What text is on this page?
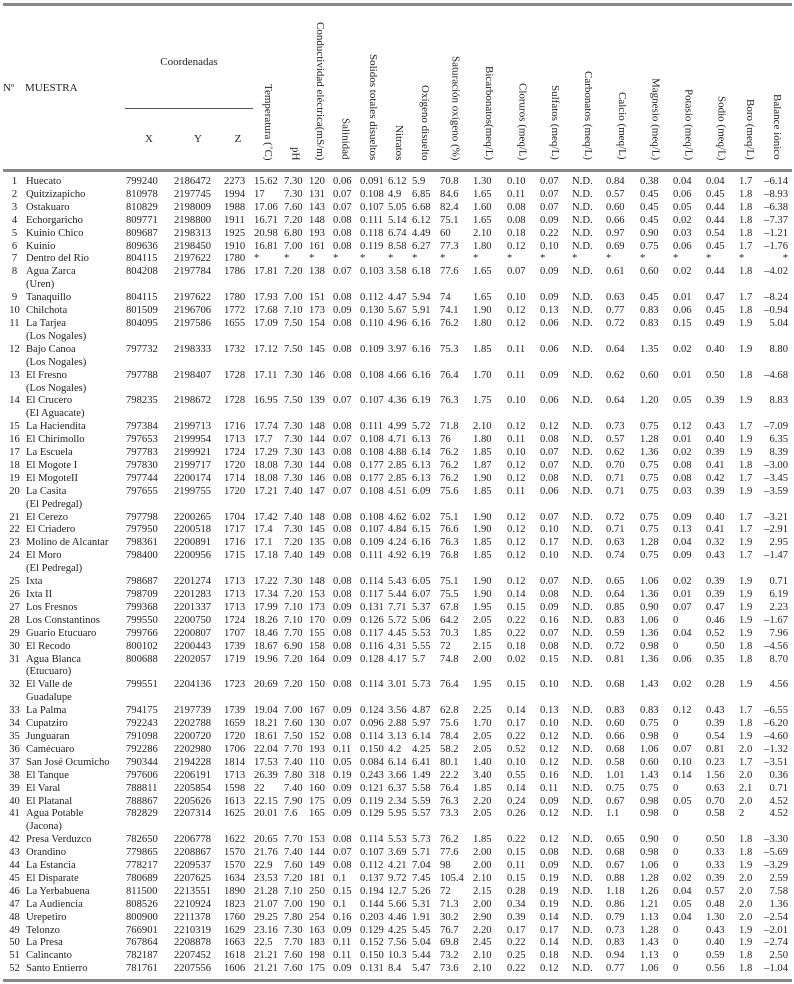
Nº	MUESTRA	Coordenadas			Temperatura (˚C)	pH	Conductividad eléctrica(mS/m)	Salinidad	Solidos totales disueltos	Nitratos	Oxígeno disuelto	Saturación oxígeno (%)	Bicarbonatos(meq/L)	Cloruros (meq/L)	Sulfatos (meq/L)	Carbonatos (meq/L)	Calcio (meq/L)	Magnesio (meq/L)	Potasio (meq/L)	Sodio (meq/L)	Boro (meq/L)	Balance iónico
		X	Y	Z																		
1	Huecato	799240	2186472	2273	15.62	7.30	120	0.06	0.091	6.12	5.9	70.8	1.30	0.10	0.07	N.D.	0.84	0.38	0.04	0.04	1.7	–6.14
2	Quitzizapicho	810978	2197745	1994	17	7.30	131	0.07	0.108	4.9	6.85	84.6	1.65	0.11	0.07	N.D.	0.57	0.45	0.06	0.45	1.8	–8.93
3	Ostakuaro	810829	2198009	1988	17.06	7.60	143	0.07	0.107	5.05	6.68	82.4	1.60	0.08	0.07	N.D.	0.60	0.45	0.05	0.44	1.8	–6.38
4	Echorgaricho	809771	2198800	1911	16.71	7.20	148	0.08	0.111	5.14	6.12	75.1	1.65	0.08	0.09	N.D.	0.66	0.45	0.02	0.44	1.8	–7.37
5	Kuinio Chico	809687	2198313	1925	20.98	6.80	193	0.08	0.118	6.74	4.49	60	2.10	0.18	0.22	N.D.	0.97	0.90	0.03	0.54	1.8	–1.21
6	Kuinio	809636	2198450	1910	16.81	7.00	161	0.08	0.119	8.58	6.27	77.3	1.80	0.12	0.10	N.D.	0.69	0.75	0.06	0.45	1.7	–1.76
7	Dentro del Río	804115	2197622	1780	*	*	*	*	*	*	*	*	*	*	*	*	*	*	*	*	*	*
8	Agua Zarca
(Uren)	804208	2197784	1786	17.81	7.20	138	0.07	0.103	3.58	6.18	77.6	1.65	0.07	0.09	N.D.	0.61	0.60	0.02	0.44	1.8	–4.02
9	Tanaquillo	804115	2197622	1780	17.93	7.00	151	0.08	0.112	4.47	5.94	74	1.65	0.10	0.09	N.D.	0.63	0.45	0.01	0.47	1.7	–8.24
10	Chilchota	801509	2196706	1772	17.68	7.10	173	0.09	0.130	5.67	5.91	74.1	1.90	0.12	0.13	N.D.	0.77	0.83	0.06	0.45	1.8	–0.94
11	La Tarjea
(Los Nogales)	804095	2197586	1655	17.09	7.50	154	0.08	0.110	4.96	6.16	76.2	1.80	0.12	0.06	N.D.	0.72	0.83	0.15	0.49	1.9	5.04
12	Bajo Canoa
(Los Nogales)	797732	2198333	1732	17.12	7.50	145	0.08	0.109	3.97	6.16	75.3	1.85	0.11	0.06	N.D.	0.64	1.35	0.02	0.40	1.9	8.80
13	El Fresno
(Los Nogales)	797788	2198407	1728	17.11	7.30	146	0.08	0.108	4.66	6.16	76.4	1.70	0.11	0.09	N.D.	0.62	0.60	0.01	0.50	1.8	–4.68
14	El Crucero
(El Aguacate)	798235	2198672	1728	16.95	7.50	139	0.07	0.107	4.36	6.19	76.3	1.75	0.10	0.06	N.D.	0.64	1.20	0.05	0.39	1.9	8.83
15	La Haciendita	797384	2199713	1716	17.74	7.30	148	0.08	0.111	4.99	5.72	71.8	2.10	0.12	0.12	N.D.	0.73	0.75	0.12	0.43	1.7	–7.09
16	El Chirimollo	797653	2199954	1713	17.7	7.30	144	0.07	0.108	4.71	6.13	76	1.80	0.11	0.08	N.D.	0.57	1.28	0.01	0.40	1.9	6.35
17	La Escuela	797783	2199921	1724	17.29	7.30	143	0.08	0.108	4.88	6.14	76.2	1.85	0.10	0.07	N.D.	0.62	1.36	0.02	0.39	1.9	8.39
18	El Mogote I	797830	2199717	1720	18.08	7.30	144	0.08	0.177	2.85	6.13	76.2	1.87	0.12	0.07	N.D.	0.70	0.75	0.08	0.41	1.8	–3.00
19	El MogoteII	797744	2200174	1714	18.08	7.30	146	0.08	0.177	2.85	6.13	76.2	1.90	0.12	0.08	N.D.	0.71	0.75	0.08	0.42	1.7	–3.45
20	La Casita
(El Pedregal)	797655	2199755	1720	17.21	7.40	147	0.07	0.108	4.51	6.09	75.6	1.85	0.11	0.06	N.D.	0.71	0.75	0.03	0.39	1.9	–3.59
21	El Cerezo	797798	2200265	1704	17.42	7.40	148	0.08	0.108	4.62	6.02	75.1	1.90	0.12	0.07	N.D.	0.72	0.75	0.09	0.40	1.7	–3.21
22	El Criadero	797950	2200518	1717	17.4	7.30	145	0.08	0.107	4.84	6.15	76.6	1.90	0.12	0.10	N.D.	0.71	0.75	0.13	0.41	1.7	–2.91
23	Molino de Alcantar	798361	2200891	1716	17.1	7.20	135	0.08	0.109	4.24	6.16	76.3	1.85	0.12	0.17	N.D.	0.63	1.28	0.04	0.32	1.9	2.95
24	El Moro
(El Pedregal)	798400	2200956	1715	17.18	7.40	149	0.08	0.111	4.92	6.19	76.8	1.85	0.12	0.10	N.D.	0.74	0.75	0.09	0.43	1.7	–1.47
25	Ixta	798687	2201274	1713	17.22	7.30	148	0.08	0.114	5.43	6.05	75.1	1.90	0.12	0.07	N.D.	0.65	1.06	0.02	0.39	1.9	0.71
26	Ixta II	798709	2201283	1713	17.34	7.20	153	0.08	0.117	5.44	6.07	75.5	1.90	0.14	0.08	N.D.	0.64	1.36	0.01	0.39	1.9	6.19
27	Los Fresnos	799368	2201337	1713	17.99	7.10	173	0.09	0.131	7.71	5.37	67.8	1.95	0.15	0.09	N.D.	0.85	0.90	0.07	0.47	1.9	2.23
28	Los Constantinos	799550	2200750	1724	18.26	7.10	170	0.09	0.126	5.72	5.06	64.2	2.05	0.22	0.16	N.D.	0.83	1.06	0	0.46	1.9	–1.67
29	Guario Etucuaro	799766	2200807	1707	18.46	7.70	155	0.08	0.117	4.45	5.53	70.3	1.85	0.22	0.07	N.D.	0.59	1.36	0.04	0.52	1.9	7.96
30	El Recodo	800102	2200443	1739	18.67	6.90	158	0.08	0.116	4.31	5.55	72	2.15	0.18	0.08	N.D.	0.72	0.98	0	0.50	1.8	–4.56
31	Agua Blanca
(Etucuaro)	800688	2202057	1719	19.96	7.20	164	0.09	0.128	4.17	5.7	74.8	2.00	0.02	0.15	N.D.	0.81	1.36	0.06	0.35	1.8	8.70
32	El Valle de
Guadalupe	799551	2204136	1723	20.69	7.20	150	0.08	0.114	3.01	5.73	76.4	1.95	0.15	0.10	N.D.	0.68	1.43	0.02	0.28	1.9	4.56
33	La Palma	794175	2197739	1739	19.04	7.00	167	0.09	0.124	3.56	4.87	62.8	2.25	0.14	0.13	N.D.	0.83	0.83	0.12	0.43	1.7	–6.55
34	Cupatziro	792243	2202788	1659	18.21	7.60	130	0.07	0.096	2.88	5.97	75.6	1.70	0.17	0.10	N.D.	0.60	0.75	0	0.39	1.8	–6.20
35	Junguaran	791098	2200720	1720	18.61	7.50	152	0.08	0.114	3.13	6.14	78.4	2.05	0.22	0.12	N.D.	0.66	0.98	0	0.54	1.9	–4.60
36	Camécuaro	792286	2202980	1706	22.04	7.70	193	0.11	0.150	4.2	4.25	58.2	2.05	0.52	0.12	N.D.	0.68	1.06	0.07	0.81	2.0	–1.32
37	San José Ocumicho	790344	2194228	1814	17.53	7.40	110	0.05	0.084	6.14	6.41	80.1	1.40	0.10	0.12	N.D.	0.58	0.60	0.10	0.23	1.7	–3.51
38	El Tanque	797606	2206191	1713	26.39	7.80	318	0.19	0.243	3.66	1.49	22.2	3.40	0.55	0.16	N.D.	1.01	1.43	0.14	1.56	2.0	0.36
39	El Varal	788811	2205854	1598	22	7.40	160	0.09	0.121	6.37	5.58	76.4	1.85	0.14	0.11	N.D.	0.75	0.75	0	0.63	2.1	0.71
40	El Platanal	788867	2205626	1613	22.15	7.90	175	0.09	0.119	2.34	5.59	76.3	2.20	0.24	0.09	N.D.	0.67	0.98	0.05	0.70	2.0	4.52
41	Agua Potable
(Jacona)	782829	2207314	1625	20.01	7.6	165	0.09	0.129	5.95	5.57	73.3	2.05	0.26	0.12	N.D.	1.1	0.98	0	0.58	2	4.52
42	Presa Verduzco	782650	2206778	1622	20.65	7.70	153	0.08	0.114	5.53	5.73	76.2	1.85	0.22	0.12	N.D.	0.65	0.90	0	0.50	1.8	–3.30
43	Orandino	779865	2208867	1570	21.76	7.40	144	0.07	0.107	3.69	5.71	77.6	2.00	0.15	0.08	N.D.	0.68	0.98	0	0.33	1.8	–5.69
44	La Estancia	778217	2209537	1570	22.9	7.60	149	0.08	0.112	4.21	7.04	98	2.00	0.11	0.09	N.D.	0.67	1.06	0	0.33	1.9	–3.29
45	El Disparate	780689	2207625	1634	23.53	7.20	181	0.1	0.137	9.72	7.45	105.4	2.10	0.15	0.19	N.D.	0.88	1.28	0.02	0.39	2.0	2.59
46	La Yerbabuena	811500	2213551	1890	21.28	7.10	250	0.15	0.194	12.7	5.26	72	2.15	0.28	0.19	N.D.	1.18	1.26	0.04	0.57	2.0	7.58
47	La Audiencia	808526	2210924	1823	21.07	7.00	190	0.1	0.144	5.66	5.31	71.3	2.00	0.34	0.19	N.D.	0.86	1.21	0.05	0.48	2.0	1.36
48	Urepetiro	800900	2211378	1760	29.25	7.80	254	0.16	0.203	4.46	1.91	30.2	2.90	0.39	0.14	N.D.	0.79	1.13	0.04	1.30	2.0	–2.54
49	Telonzo	766901	2210319	1629	23.16	7.30	163	0.09	0.129	4.25	5.45	76.7	2.20	0.17	0.17	N.D.	0.73	1.28	0	0.43	1.9	–2.01
50	La Presa	767864	2208878	1663	22.5	7.70	183	0.11	0.152	7.56	5.04	69.8	2.45	0.22	0.14	N.D.	0.83	1.43	0	0.40	1.9	–2.74
51	Calincanto	782187	2207452	1618	21.21	7.60	198	0.11	0.150	10.3	5.44	73.2	2.10	0.25	0.18	N.D.	0.94	1.13	0	0.59	1.8	2.50
52	Santo Entierro	781761	2207556	1606	21.21	7.60	175	0.09	0.131	8.4	5.47	73.6	2.10	0.22	0.12	N.D.	0.77	1.06	0	0.56	1.8	–1.04
